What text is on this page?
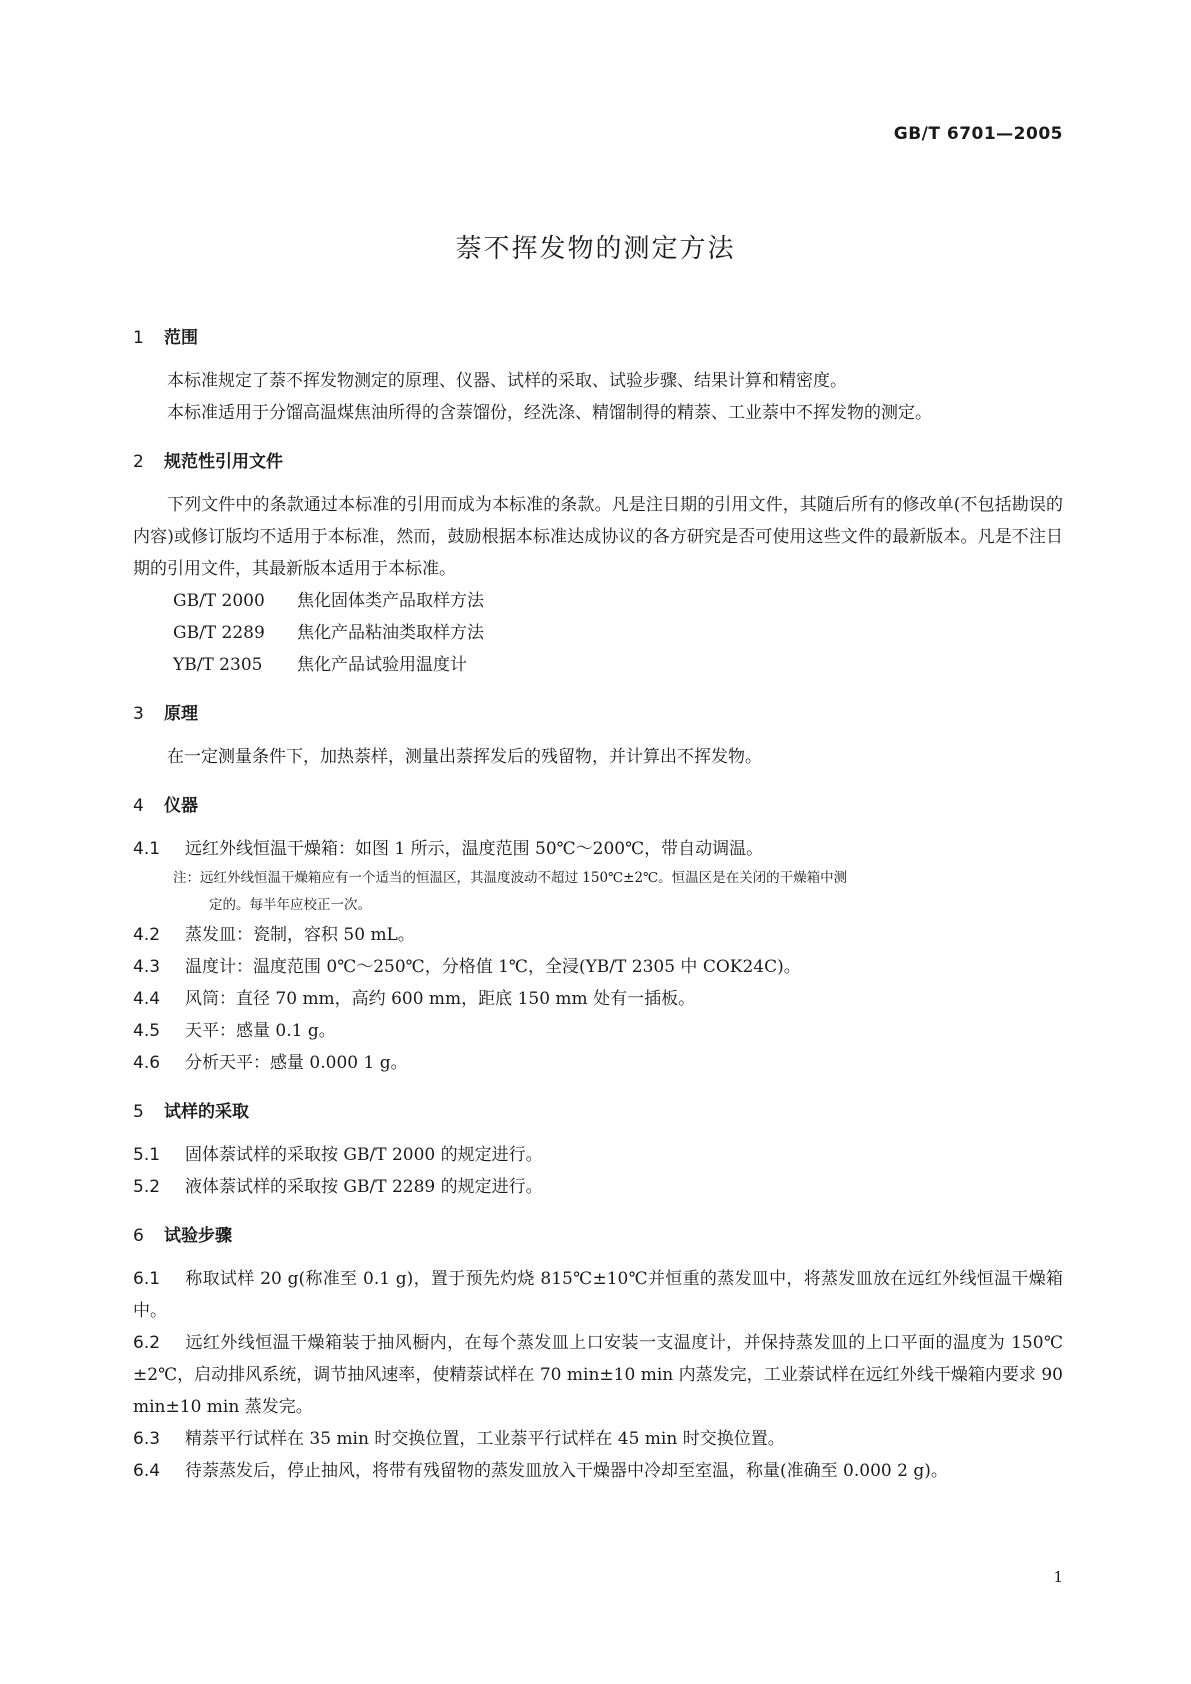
GB/T 6701—2005
萘不挥发物的测定方法
1 范围
本标准规定了萘不挥发物测定的原理、仪器、试样的采取、试验步骤、结果计算和精密度。
本标准适用于分馏高温煤焦油所得的含萘馏份，经洗涤、精馏制得的精萘、工业萘中不挥发物的测定。
2 规范性引用文件
下列文件中的条款通过本标准的引用而成为本标准的条款。凡是注日期的引用文件，其随后所有的修改单(不包括勘误的内容)或修订版均不适用于本标准，然而，鼓励根据本标准达成协议的各方研究是否可使用这些文件的最新版本。凡是不注日期的引用文件，其最新版本适用于本标准。
GB/T 2000 焦化固体类产品取样方法
GB/T 2289 焦化产品粘油类取样方法
YB/T 2305 焦化产品试验用温度计
3 原理
在一定测量条件下，加热萘样，测量出萘挥发后的残留物，并计算出不挥发物。
4 仪器
4.1 远红外线恒温干燥箱：如图 1 所示，温度范围 50℃～200℃，带自动调温。
注：远红外线恒温干燥箱应有一个适当的恒温区，其温度波动不超过 150℃±2℃。恒温区是在关闭的干燥箱中测
定的。每半年应校正一次。
4.2 蒸发皿：瓷制，容积 50 mL。
4.3 温度计：温度范围 0℃～250℃，分格值 1℃，全浸(YB/T 2305 中 COK24C)。
4.4 风筒：直径 70 mm，高约 600 mm，距底 150 mm 处有一插板。
4.5 天平：感量 0.1 g。
4.6 分析天平：感量 0.000 1 g。
5 试样的采取
5.1 固体萘试样的采取按 GB/T 2000 的规定进行。
5.2 液体萘试样的采取按 GB/T 2289 的规定进行。
6 试验步骤
6.1 称取试样 20 g(称准至 0.1 g)，置于预先灼烧 815℃±10℃并恒重的蒸发皿中，将蒸发皿放在远红外线恒温干燥箱中。
6.2 远红外线恒温干燥箱装于抽风橱内，在每个蒸发皿上口安装一支温度计，并保持蒸发皿的上口平面的温度为 150℃±2℃，启动排风系统，调节抽风速率，使精萘试样在 70 min±10 min 内蒸发完，工业萘试样在远红外线干燥箱内要求 90 min±10 min 蒸发完。
6.3 精萘平行试样在 35 min 时交换位置，工业萘平行试样在 45 min 时交换位置。
6.4 待萘蒸发后，停止抽风，将带有残留物的蒸发皿放入干燥器中冷却至室温，称量(准确至 0.000 2 g)。
1
